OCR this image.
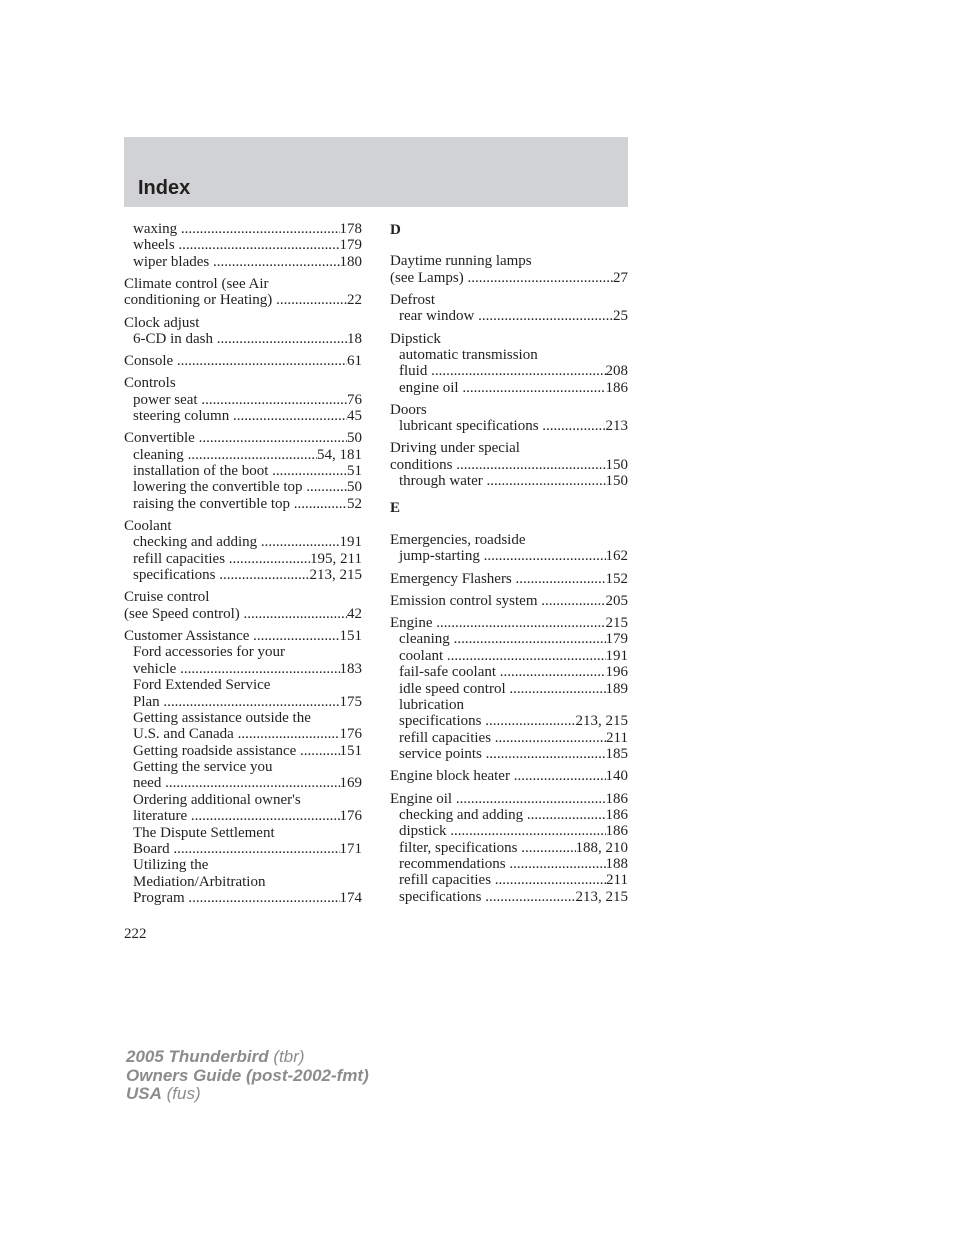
Index
waxing .....	178
wheels .....	179
wiper blades .....	180
Climate control (see Air
conditioning or Heating) .....	22
Clock adjust
6-CD in dash .....	18
Console .....	61
Controls
power seat .....	76
steering column .....	45
Convertible .....	50
cleaning .....	54, 181
installation of the boot .....	51
lowering the convertible top .....	50
raising the convertible top .....	52
Coolant
checking and adding .....	191
refill capacities .....	195, 211
specifications .....	213, 215
Cruise control
(see Speed control) .....	42
Customer Assistance .....	151
Ford accessories for your
vehicle .....	183
Ford Extended Service
Plan .....	175
Getting assistance outside the
U.S. and Canada .....	176
Getting roadside assistance .....	151
Getting the service you
need .....	169
Ordering additional owner's
literature .....	176
The Dispute Settlement
Board .....	171
Utilizing the
Mediation/Arbitration
Program .....	174
D
Daytime running lamps
(see Lamps) .....	27
Defrost
rear window .....	25
Dipstick
automatic transmission
fluid .....	208
engine oil .....	186
Doors
lubricant specifications .....	213
Driving under special
conditions .....	150
through water .....	150
E
Emergencies, roadside
jump-starting .....	162
Emergency Flashers .....	152
Emission control system .....	205
Engine .....	215
cleaning .....	179
coolant .....	191
fail-safe coolant .....	196
idle speed control .....	189
lubrication
specifications .....	213, 215
refill capacities .....	211
service points .....	185
Engine block heater .....	140
Engine oil .....	186
checking and adding .....	186
dipstick .....	186
filter, specifications .....	188, 210
recommendations .....	188
refill capacities .....	211
specifications .....	213, 215
222
2005 Thunderbird (tbr)
Owners Guide (post-2002-fmt)
USA (fus)
